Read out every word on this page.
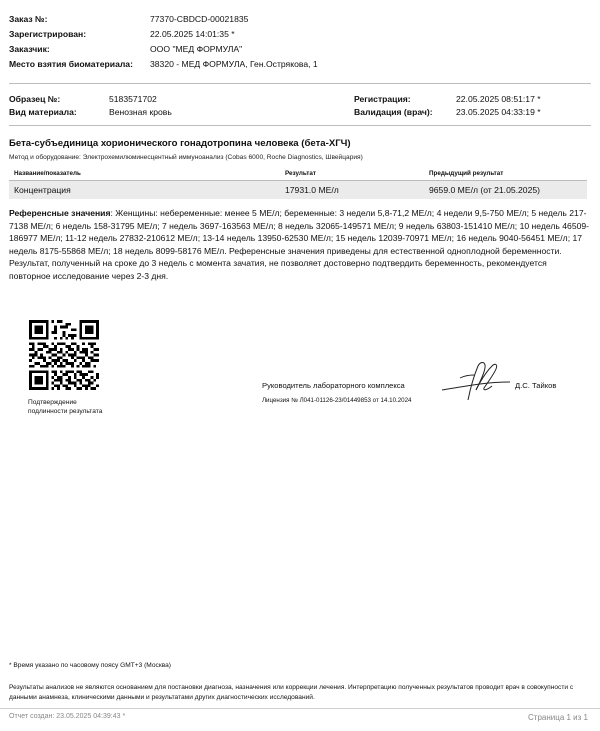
Заказ №:	77370-CBDCD-00021835
Зарегистрирован:	22.05.2025 14:01:35 *
Заказчик:	ООО "МЕД ФОРМУЛА"
Место взятия биоматериала:	38320 - МЕД ФОРМУЛА, Ген.Острякова, 1
Образец №:	5183571702
Вид материала:	Венозная кровь
Регистрация:	22.05.2025 08:51:17 *
Валидация (врач):	23.05.2025 04:33:19 *
Бета-субъединица хорионического гонадотропина человека (бета-ХГЧ)
Метод и оборудование: Электрохемилюминесцентный иммуноанализ (Cobas 6000, Roche Diagnostics, Швейцария)
Название/показатель	Результат	Предыдущий результат
Концентрация	17931.0 МЕ/л	9659.0 МЕ/л (от 21.05.2025)
Референсные значения: Женщины: небеременные: менее 5 МЕ/л; беременные: 3 недели 5,8-71,2 МЕ/л; 4 недели 9,5-750 МЕ/л; 5 недель 217-7138 МЕ/л; 6 недель 158-31795 МЕ/л; 7 недель 3697-163563 МЕ/л; 8 недель 32065-149571 МЕ/л; 9 недель 63803-151410 МЕ/л; 10 недель 46509-186977 МЕ/л; 11-12 недель 27832-210612 МЕ/л; 13-14 недель 13950-62530 МЕ/л; 15 недель 12039-70971 МЕ/л; 16 недель 9040-56451 МЕ/л; 17 недель 8175-55868 МЕ/л; 18 недель 8099-58176 МЕ/л. Референсные значения приведены для естественной одноплодной беременности. Результат, полученный на сроке до 3 недель с момента зачатия, не позволяет достоверно подтвердить беременность, рекомендуется повторное исследование через 2-3 дня.
Подтверждение
подлинности результата
Руководитель лабораторного комплекса	Д.С. Тайков
Лицензия № Л041-01126-23/01449853 от 14.10.2024
* Время указано по часовому поясу GMT+3 (Москва)
Результаты анализов не являются основанием для постановки диагноза, назначения или коррекции лечения. Интерпретацию полученных результатов проводит врач в совокупности с данными анамнеза, клиническими данными и результатами других диагностических исследований.
Отчет создан: 23.05.2025 04:39:43 *	Страница 1 из 1
